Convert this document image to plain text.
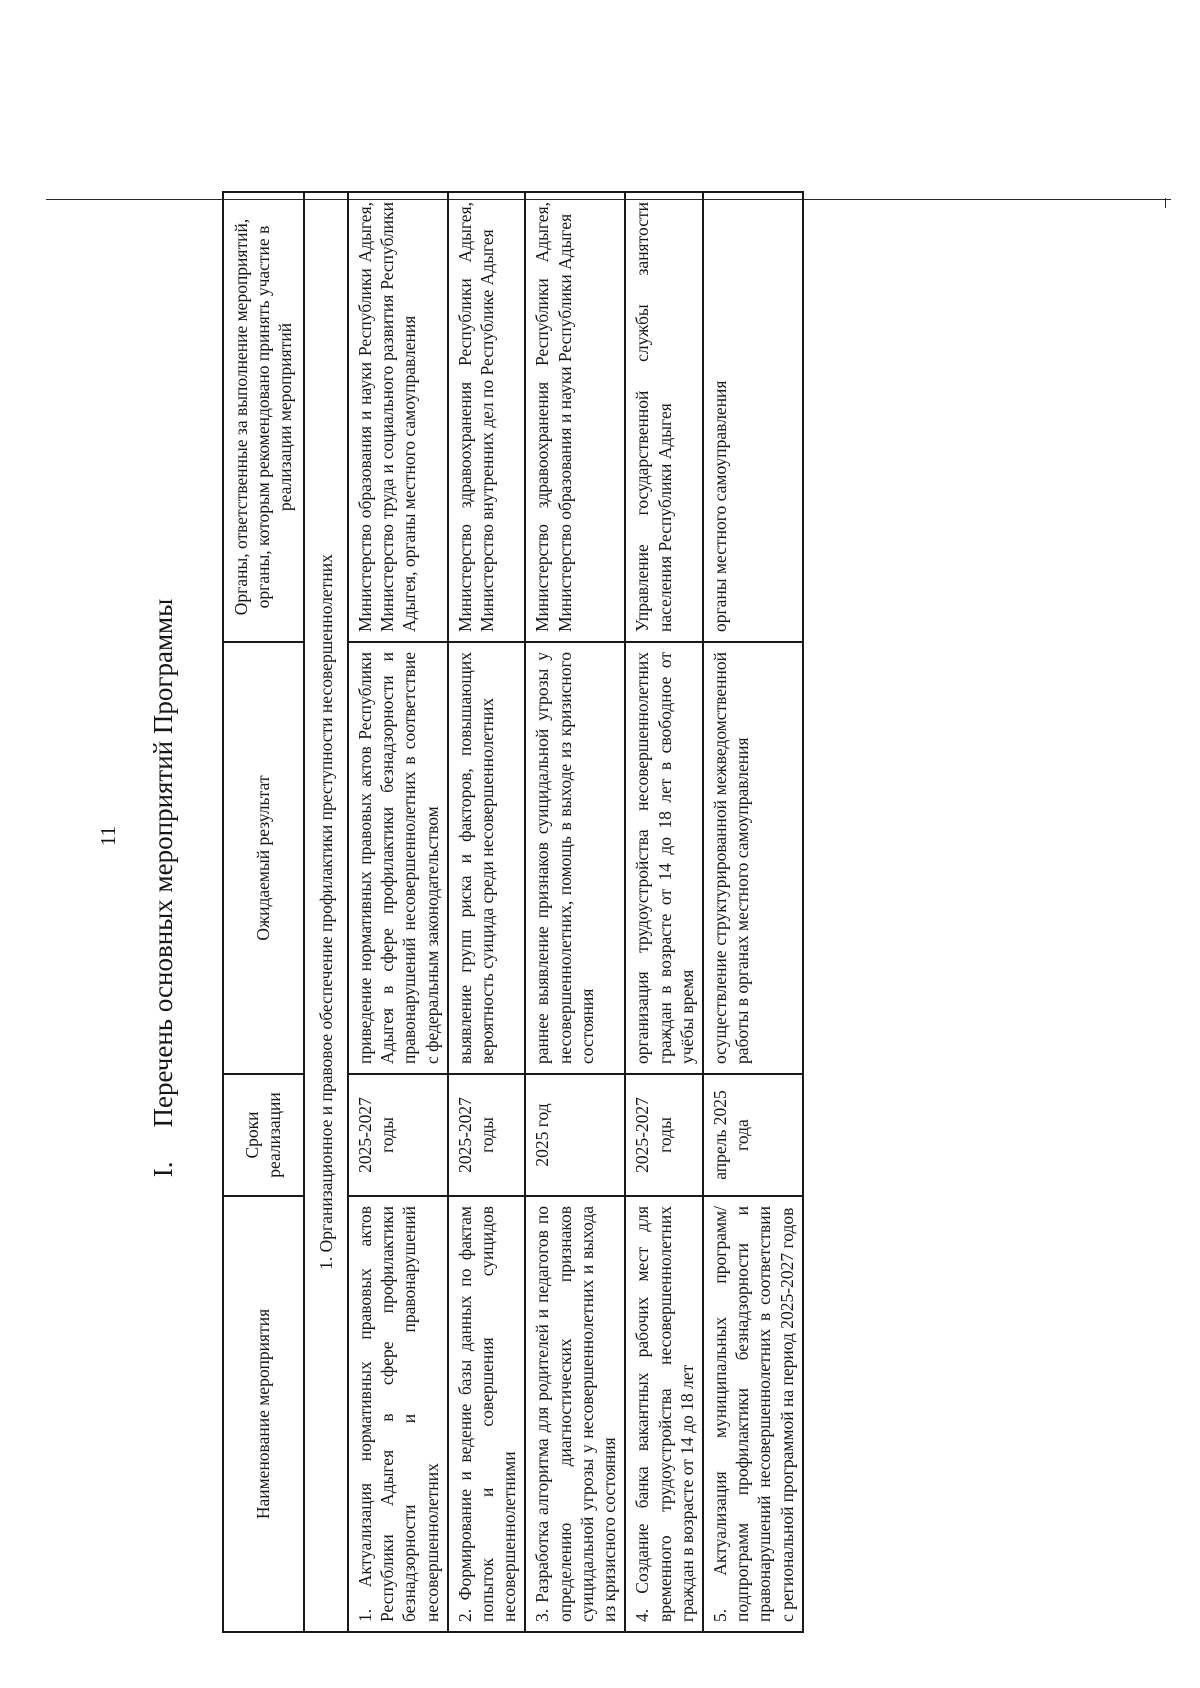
11
I.Перечень основных мероприятий Программы
Наименование мероприятия	Сроки реализации	Ожидаемый результат	Органы, ответственные за выполнение мероприятий, органы, которым рекомендовано принять участие в реализации мероприятий
1. Организационное и правовое обеспечение профилактики преступности несовершеннолетних			
1. Актуализация нормативных правовых актов Республики Адыгея в сфере профилактики безнадзорности и правонарушений несовершеннолетних	2025-2027 годы	приведение нормативных правовых актов Республики Адыгея в сфере профилактики безнадзорности и правонарушений несовершеннолетних в соответствие с федеральным законодательством	Министерство образования и науки Республики Адыгея, Министерство труда и социального развития Республики Адыгея, органы местного самоуправления
2. Формирование и ведение базы данных по фактам попыток и совершения суицидов несовершеннолетними	2025-2027 годы	выявление групп риска и факторов, повышающих вероятность суицида среди несовершеннолетних	Министерство здравоохранения Республики Адыгея, Министерство внутренних дел по Республике Адыгея
3. Разработка алгоритма для родителей и педагогов по определению диагностических признаков суицидальной угрозы у несовершеннолетних и выхода из кризисного состояния	2025 год	раннее выявление признаков суицидальной угрозы у несовершеннолетних, помощь в выходе из кризисного состояния	Министерство здравоохранения Республики Адыгея, Министерство образования и науки Республики Адыгея
4. Создание банка вакантных рабочих мест для временного трудоустройства несовершеннолетних граждан в возрасте от 14 до 18 лет	2025-2027 годы	организация трудоустройства несовершеннолетних граждан в возрасте от 14 до 18 лет в свободное от учёбы время	Управление государственной службы занятости населения Республики Адыгея
5. Актуализация муниципальных программ/подпрограмм профилактики безнадзорности и правонарушений несовершеннолетних в соответствии с региональной программой на период 2025-2027 годов	апрель 2025 года	осуществление структурированной межведомственной работы в органах местного самоуправления	органы местного самоуправления
